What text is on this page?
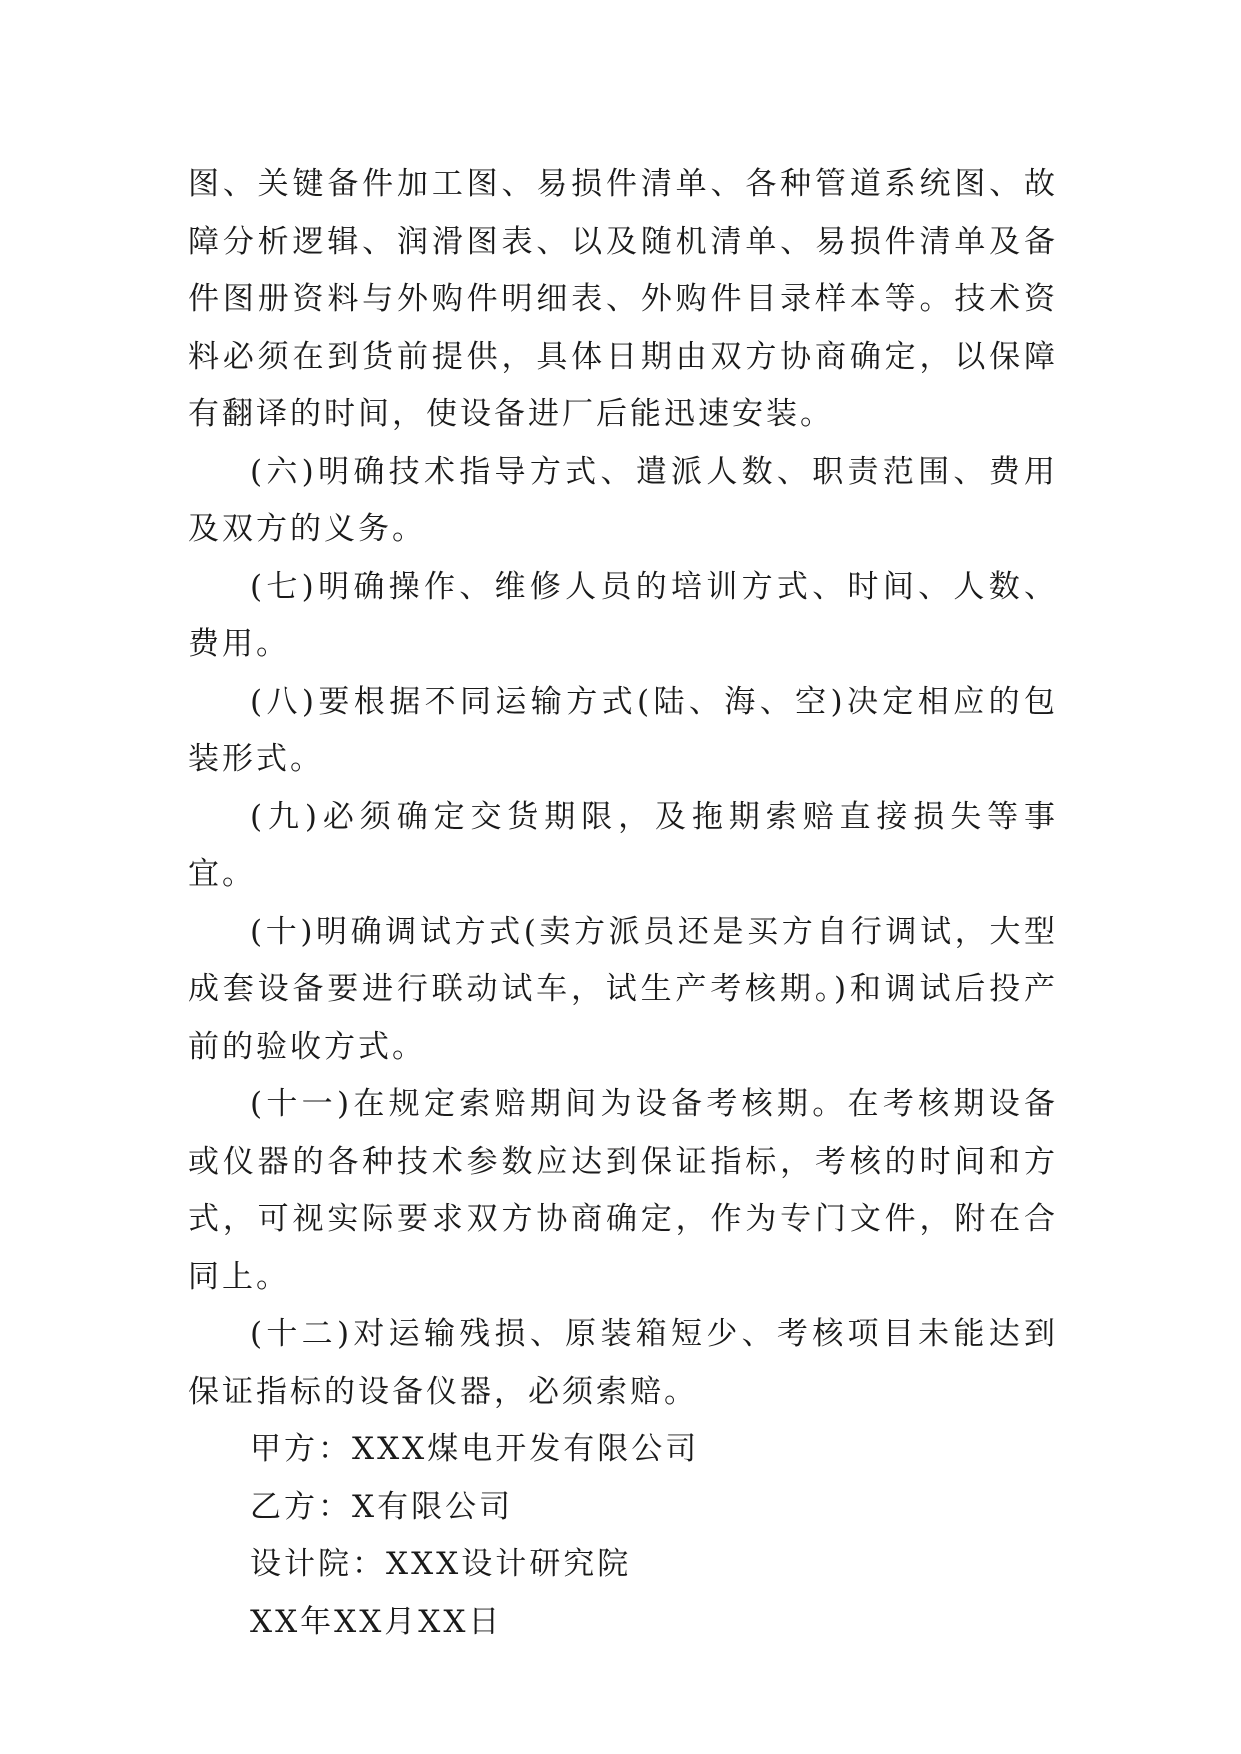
图、关键备件加工图、易损件清单、各种管道系统图、故障分析逻辑、润滑图表、以及随机清单、易损件清单及备件图册资料与外购件明细表、外购件目录样本等。技术资料必须在到货前提供，具体日期由双方协商确定，以保障有翻译的时间，使设备进厂后能迅速安装。

(六)明确技术指导方式、遣派人数、职责范围、费用及双方的义务。

(七)明确操作、维修人员的培训方式、时间、人数、费用。

(八)要根据不同运输方式(陆、海、空)决定相应的包装形式。

(九)必须确定交货期限，及拖期索赔直接损失等事宜。

(十)明确调试方式(卖方派员还是买方自行调试，大型成套设备要进行联动试车，试生产考核期。)和调试后投产前的验收方式。

(十一)在规定索赔期间为设备考核期。在考核期设备或仪器的各种技术参数应达到保证指标，考核的时间和方式，可视实际要求双方协商确定，作为专门文件，附在合同上。

(十二)对运输残损、原装箱短少、考核项目未能达到保证指标的设备仪器，必须索赔。

甲方：XXX煤电开发有限公司

乙方：X有限公司

设计院：XXX设计研究院

XX年XX月XX日
